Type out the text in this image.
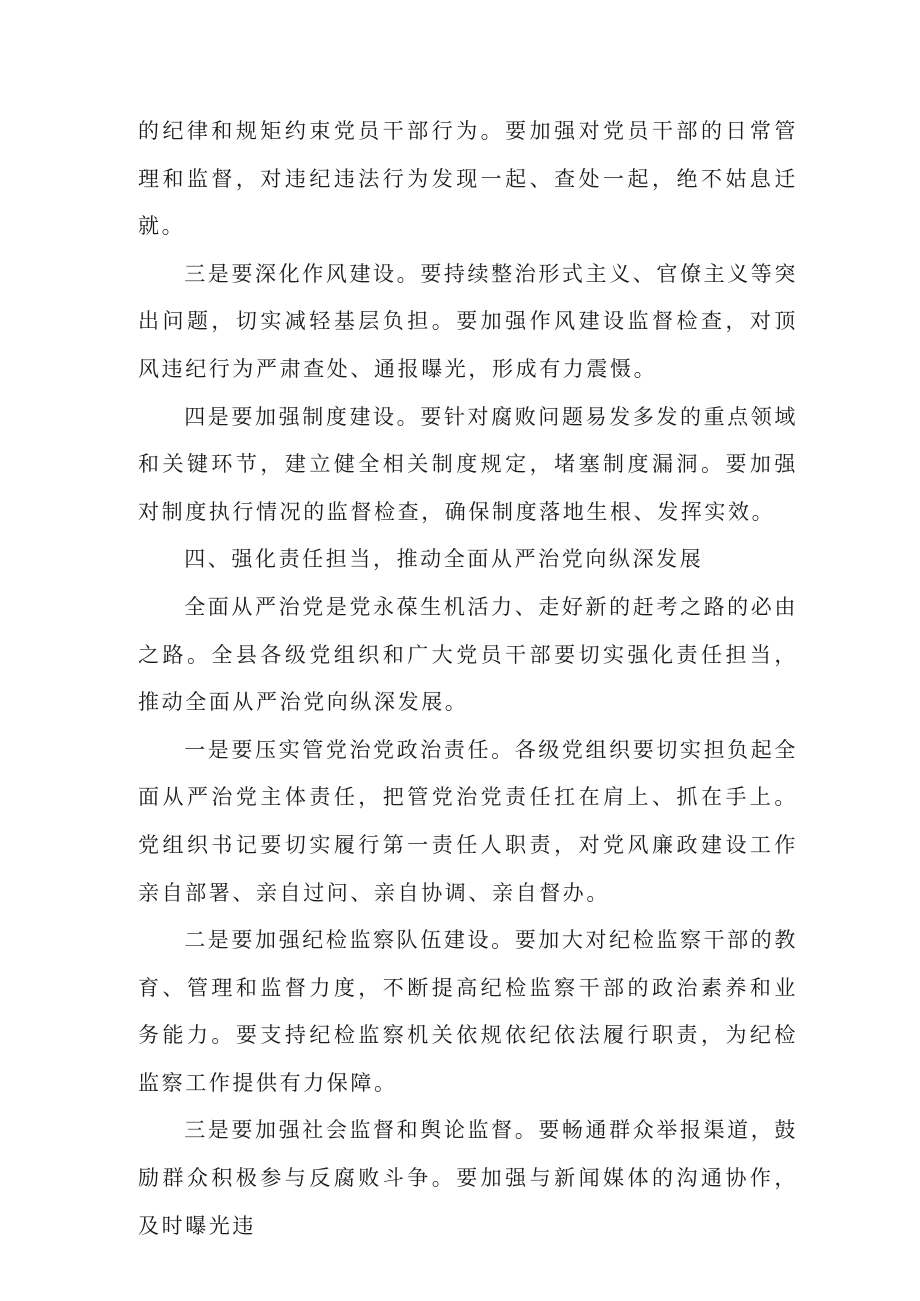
的纪律和规矩约束党员干部行为。要加强对党员干部的日常管理和监督，对违纪违法行为发现一起、查处一起，绝不姑息迁就。

三是要深化作风建设。要持续整治形式主义、官僚主义等突出问题，切实减轻基层负担。要加强作风建设监督检查，对顶风违纪行为严肃查处、通报曝光，形成有力震慑。

四是要加强制度建设。要针对腐败问题易发多发的重点领域和关键环节，建立健全相关制度规定，堵塞制度漏洞。要加强对制度执行情况的监督检查，确保制度落地生根、发挥实效。

四、强化责任担当，推动全面从严治党向纵深发展

全面从严治党是党永葆生机活力、走好新的赶考之路的必由之路。全县各级党组织和广大党员干部要切实强化责任担当，推动全面从严治党向纵深发展。

一是要压实管党治党政治责任。各级党组织要切实担负起全面从严治党主体责任，把管党治党责任扛在肩上、抓在手上。党组织书记要切实履行第一责任人职责，对党风廉政建设工作亲自部署、亲自过问、亲自协调、亲自督办。

二是要加强纪检监察队伍建设。要加大对纪检监察干部的教育、管理和监督力度，不断提高纪检监察干部的政治素养和业务能力。要支持纪检监察机关依规依纪依法履行职责，为纪检监察工作提供有力保障。

三是要加强社会监督和舆论监督。要畅通群众举报渠道，鼓励群众积极参与反腐败斗争。要加强与新闻媒体的沟通协作，及时曝光违
